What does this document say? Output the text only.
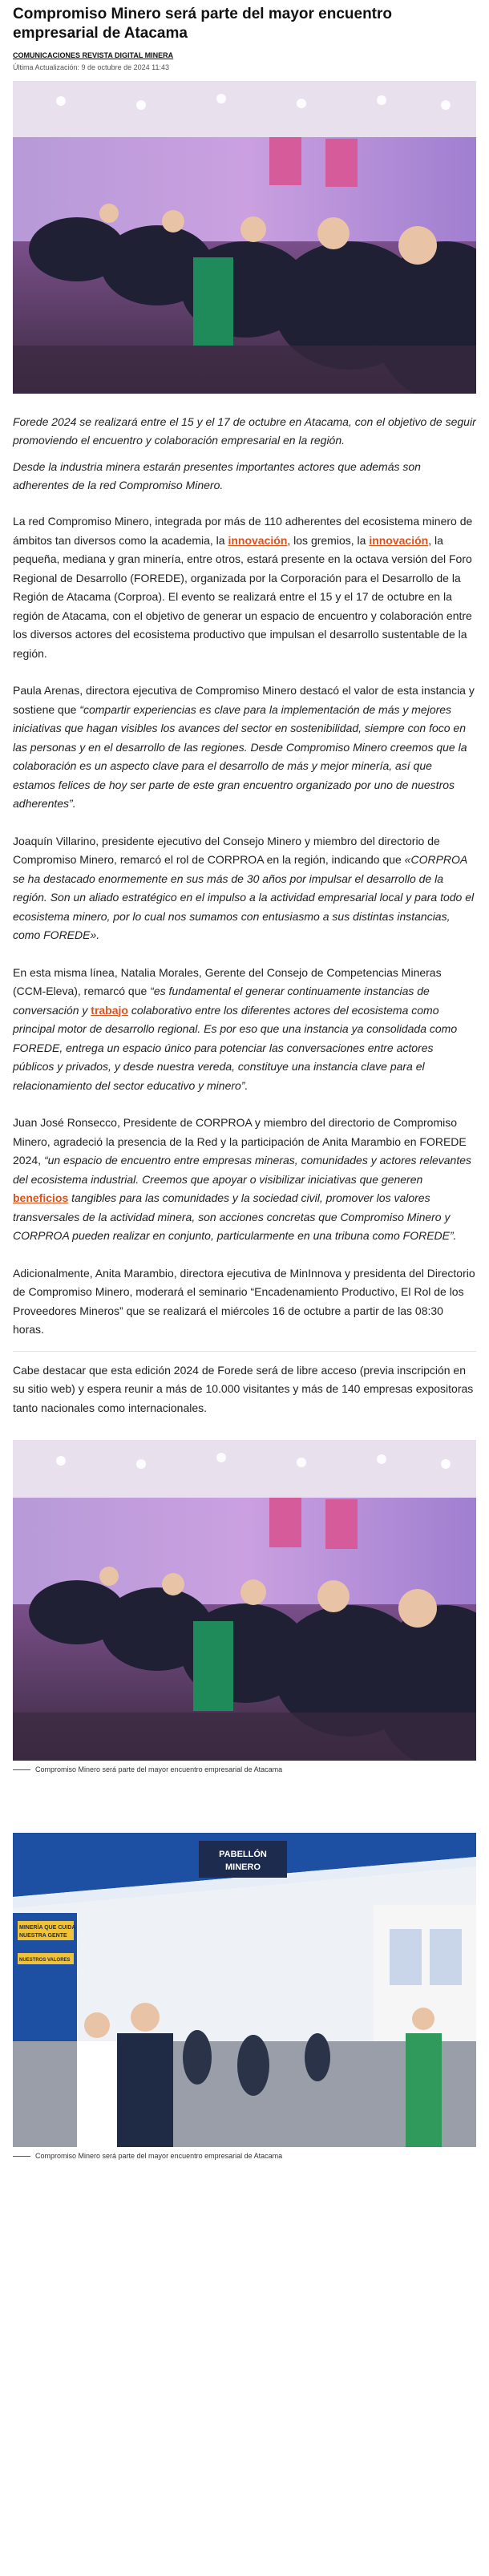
Compromiso Minero será parte del mayor encuentro empresarial de Atacama
COMUNICACIONES REVISTA DIGITAL MINERA
Última Actualización: 9 de octubre de 2024 11:43

Forede 2024 se realizará entre el 15 y el 17 de octubre en Atacama, con el objetivo de seguir promoviendo el encuentro y colaboración empresarial en la región.

Desde la industria minera estarán presentes importantes actores que además son adherentes de la red Compromiso Minero.

La red Compromiso Minero, integrada por más de 110 adherentes del ecosistema minero de ámbitos tan diversos como la academia, la innovación, los gremios, la innovación, la pequeña, mediana y gran minería, entre otros, estará presente en la octava versión del Foro Regional de Desarrollo (FOREDE), organizada por la Corporación para el Desarrollo de la Región de Atacama (Corproa). El evento se realizará entre el 15 y el 17 de octubre en la región de Atacama, con el objetivo de generar un espacio de encuentro y colaboración entre los diversos actores del ecosistema productivo que impulsan el desarrollo sustentable de la región.

Paula Arenas, directora ejecutiva de Compromiso Minero destacó el valor de esta instancia y sostiene que “compartir experiencias es clave para la implementación de más y mejores iniciativas que hagan visibles los avances del sector en sostenibilidad, siempre con foco en las personas y en el desarrollo de las regiones. Desde Compromiso Minero creemos que la colaboración es un aspecto clave para el desarrollo de más y mejor minería, así que estamos felices de hoy ser parte de este gran encuentro organizado por uno de nuestros adherentes”.

Joaquín Villarino, presidente ejecutivo del Consejo Minero y miembro del directorio de Compromiso Minero, remarcó el rol de CORPROA en la región, indicando que «CORPROA se ha destacado enormemente en sus más de 30 años por impulsar el desarrollo de la región. Son un aliado estratégico en el impulso a la actividad empresarial local y para todo el ecosistema minero, por lo cual nos sumamos con entusiasmo a sus distintas instancias, como FOREDE».

En esta misma línea, Natalia Morales, Gerente del Consejo de Competencias Mineras (CCM-Eleva), remarcó que “es fundamental el generar continuamente instancias de conversación y trabajo colaborativo entre los diferentes actores del ecosistema como principal motor de desarrollo regional. Es por eso que una instancia ya consolidada como FOREDE, entrega un espacio único para potenciar las conversaciones entre actores públicos y privados, y desde nuestra vereda, constituye una instancia clave para el relacionamiento del sector educativo y minero”.

Juan José Ronsecco, Presidente de CORPROA y miembro del directorio de Compromiso Minero, agradeció la presencia de la Red y la participación de Anita Marambio en FOREDE 2024, “un espacio de encuentro entre empresas mineras, comunidades y actores relevantes del ecosistema industrial. Creemos que apoyar o visibilizar iniciativas que generen beneficios tangibles para las comunidades y la sociedad civil, promover los valores transversales de la actividad minera, son acciones concretas que Compromiso Minero y CORPROA pueden realizar en conjunto, particularmente en una tribuna como FOREDE”.

Adicionalmente, Anita Marambio, directora ejecutiva de MinInnova y presidenta del Directorio de Compromiso Minero, moderará el seminario “Encadenamiento Productivo, El Rol de los Proveedores Mineros” que se realizará el miércoles 16 de octubre a partir de las 08:30 horas.

Cabe destacar que esta edición 2024 de Forede será de libre acceso (previa inscripción en su sitio web) y espera reunir a más de 10.000 visitantes y más de 140 empresas expositoras tanto nacionales como internacionales.

Compromiso Minero será parte del mayor encuentro empresarial de Atacama
PABELLÓN
MINERO
MINERÍA QUE CUIDA
NUESTRA GENTE
NUESTROS VALORES
Compromiso Minero será parte del mayor encuentro empresarial de Atacama
